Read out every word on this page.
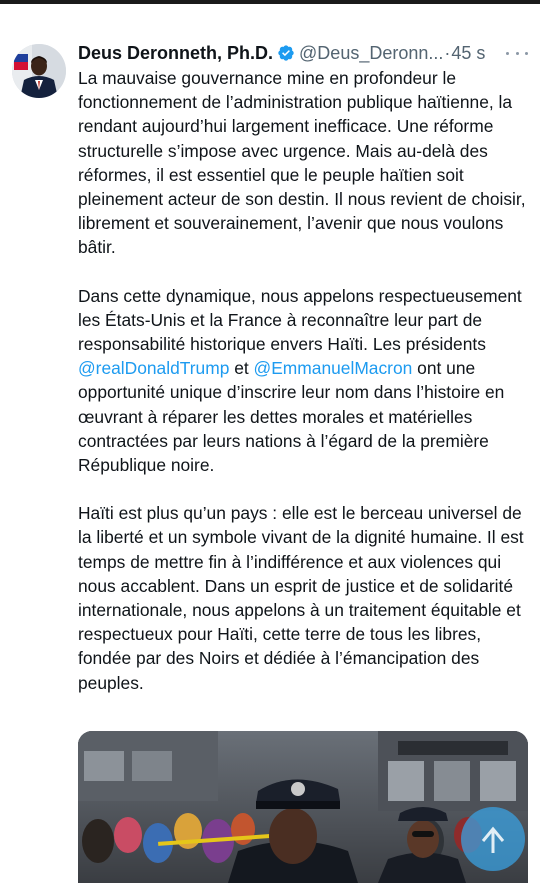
Deus Deronneth, Ph.D. @Deus_Deronn... · 45 s

La mauvaise gouvernance mine en profondeur le fonctionnement de l’administration publique haïtienne, la rendant aujourd’hui largement inefficace. Une réforme structurelle s’impose avec urgence. Mais au-delà des réformes, il est essentiel que le peuple haïtien soit pleinement acteur de son destin. Il nous revient de choisir, librement et souverainement, l’avenir que nous voulons bâtir.

Dans cette dynamique, nous appelons respectueusement les États-Unis et la France à reconnaître leur part de responsabilité historique envers Haïti. Les présidents @realDonaldTrump et @EmmanuelMacron ont une opportunité unique d’inscrire leur nom dans l’histoire en œuvrant à réparer les dettes morales et matérielles contractées par leurs nations à l’égard de la première République noire.

Haïti est plus qu’un pays : elle est le berceau universel de la liberté et un symbole vivant de la dignité humaine. Il est temps de mettre fin à l’indifférence et aux violences qui nous accablent. Dans un esprit de justice et de solidarité internationale, nous appelons à un traitement équitable et respectueux pour Haïti, cette terre de tous les libres, fondée par des Noirs et dédiée à l’émancipation des peuples.
